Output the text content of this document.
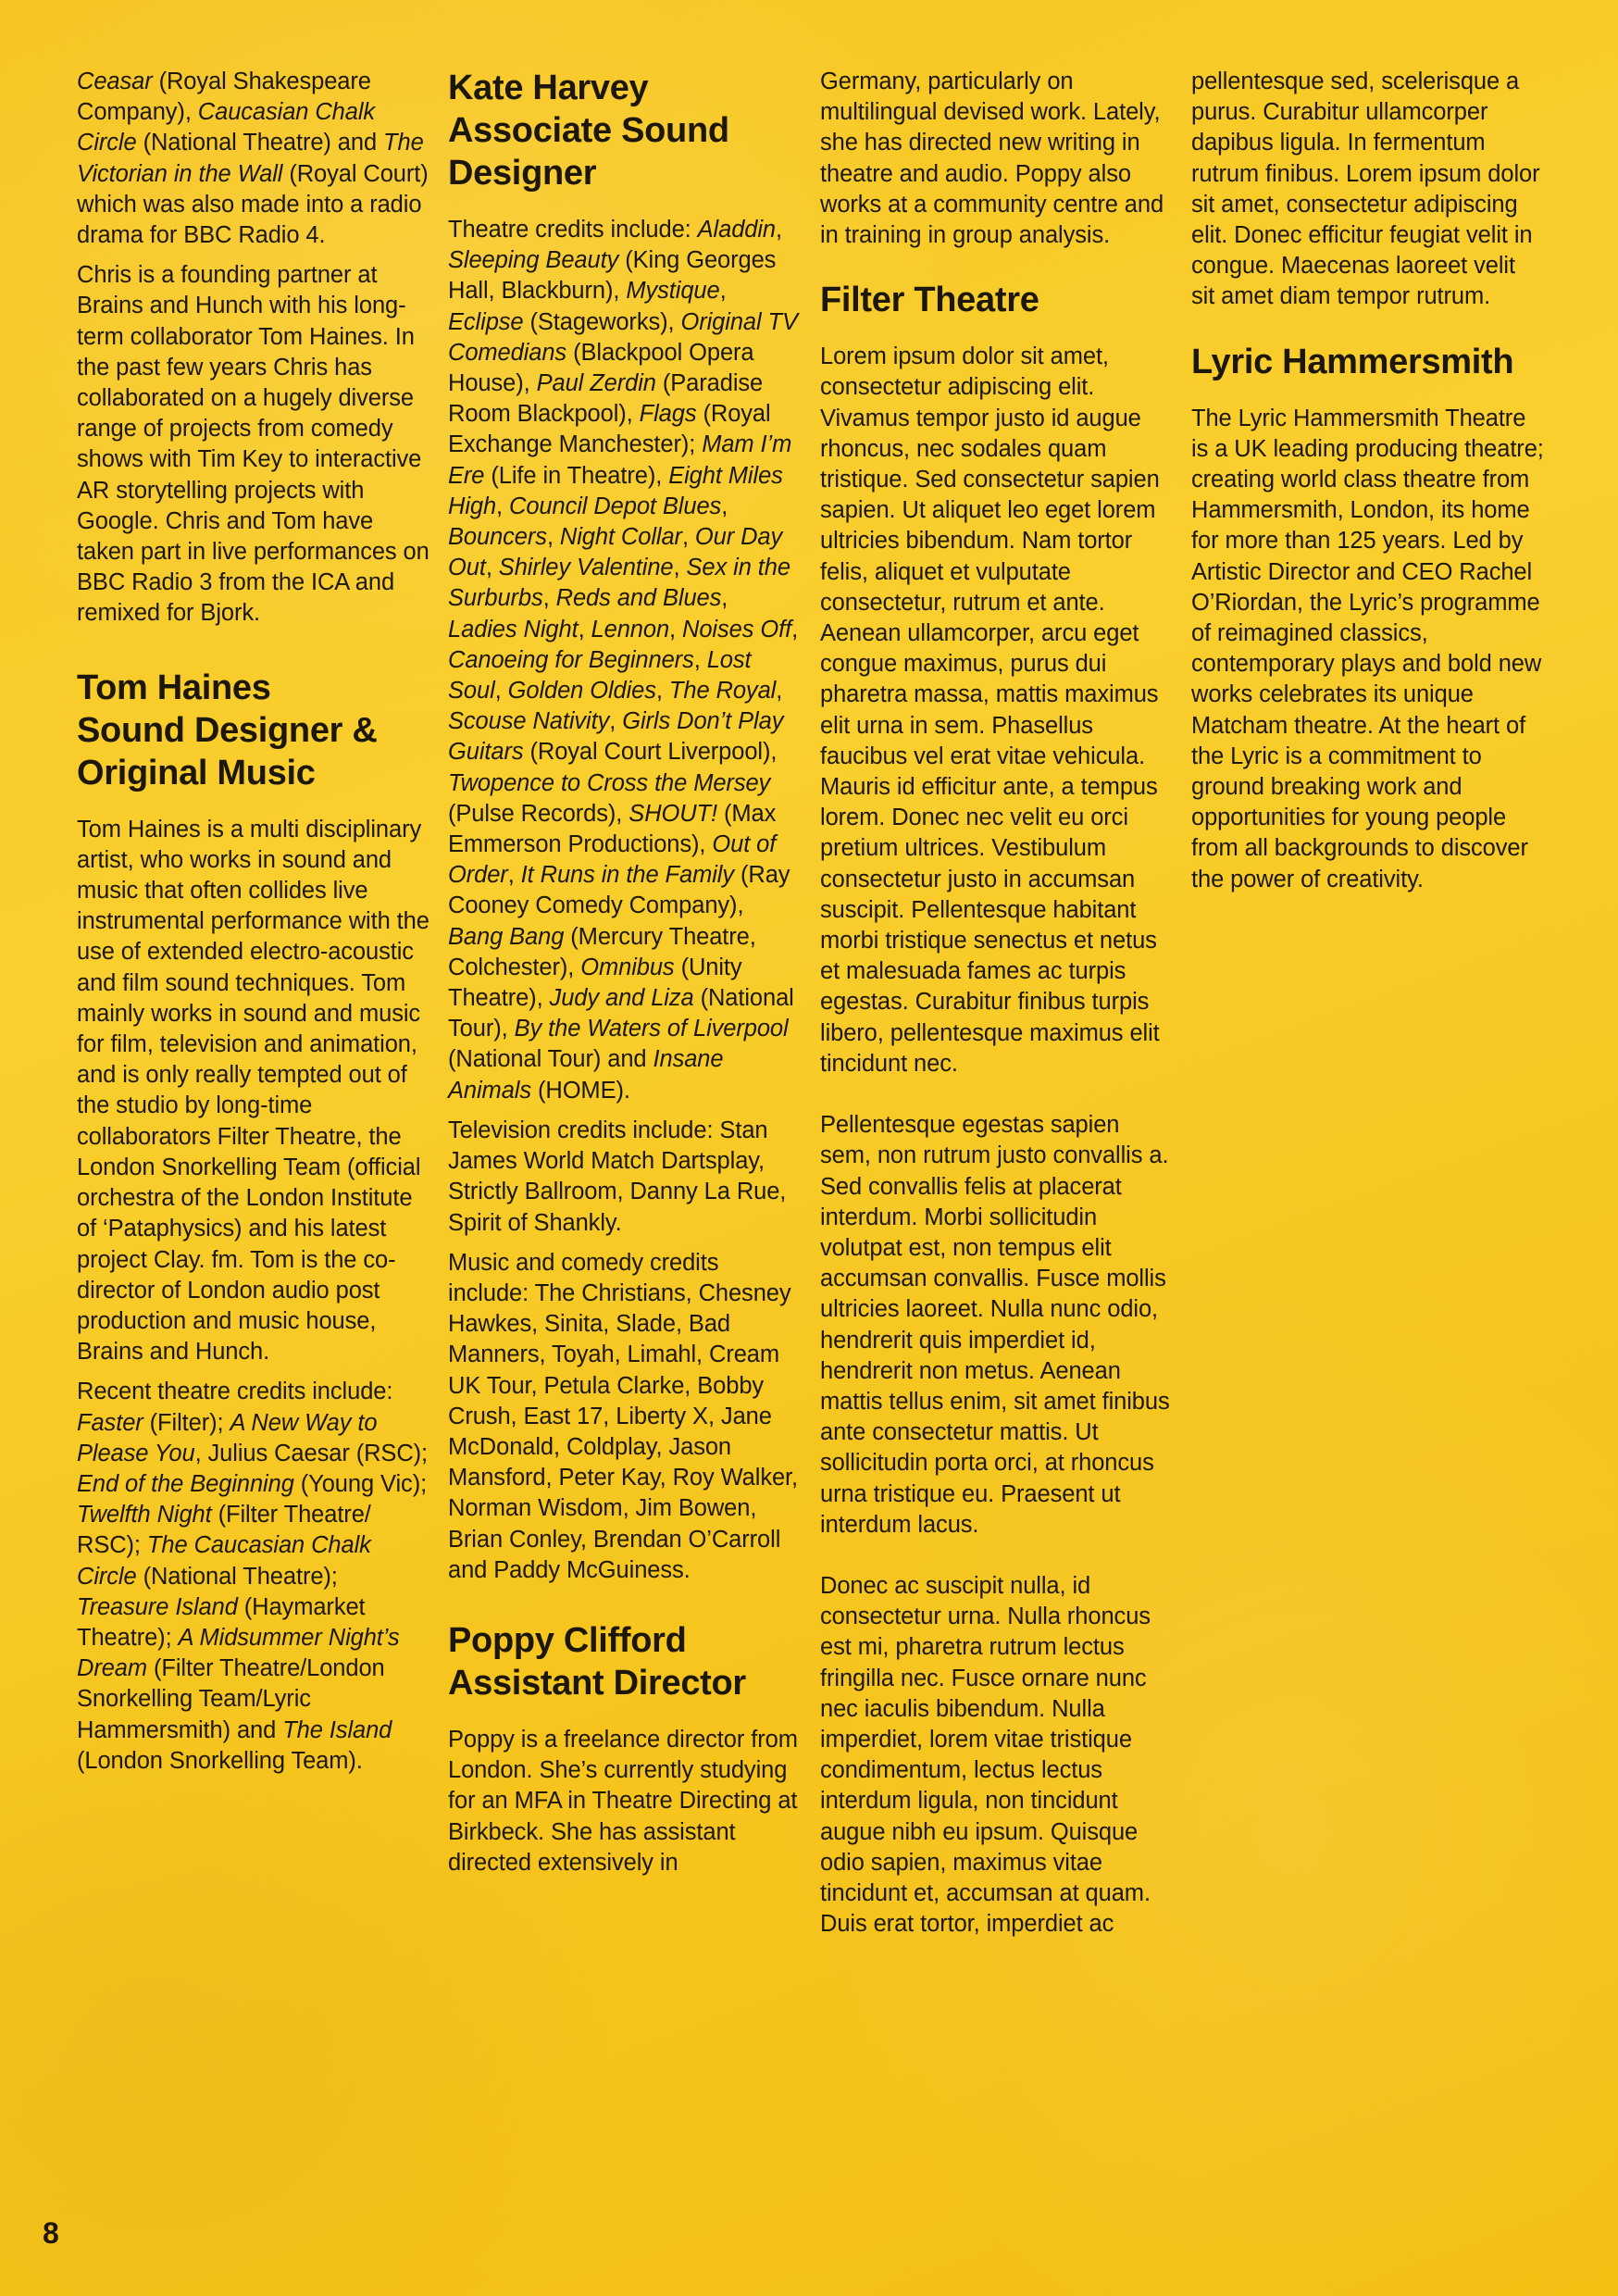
Ceasar (Royal Shakespeare Company), Caucasian Chalk Circle (National Theatre) and The Victorian in the Wall (Royal Court) which was also made into a radio drama for BBC Radio 4.

Chris is a founding partner at Brains and Hunch with his long-term collaborator Tom Haines. In the past few years Chris has collaborated on a hugely diverse range of projects from comedy shows with Tim Key to interactive AR storytelling projects with Google. Chris and Tom have taken part in live performances on BBC Radio 3 from the ICA and remixed for Bjork.

Tom Haines
Sound Designer & Original Music

Tom Haines is a multi disciplinary artist, who works in sound and music that often collides live instrumental performance with the use of extended electro-acoustic and film sound techniques. Tom mainly works in sound and music for film, television and animation, and is only really tempted out of the studio by long-time collaborators Filter Theatre, the London Snorkelling Team (official orchestra of the London Institute of ‘Pataphysics) and his latest project Clay. fm. Tom is the co-director of London audio post production and music house, Brains and Hunch.

Recent theatre credits include: Faster (Filter); A New Way to Please You, Julius Caesar (RSC); End of the Beginning (Young Vic); Twelfth Night (Filter Theatre/ RSC); The Caucasian Chalk Circle (National Theatre); Treasure Island (Haymarket Theatre); A Midsummer Night’s Dream (Filter Theatre/London Snorkelling Team/Lyric Hammersmith) and The Island (London Snorkelling Team).

Kate Harvey
Associate Sound Designer

Theatre credits include: Aladdin, Sleeping Beauty (King Georges Hall, Blackburn), Mystique, Eclipse (Stageworks), Original TV Comedians (Blackpool Opera House), Paul Zerdin (Paradise Room Blackpool), Flags (Royal Exchange Manchester); Mam I’m Ere (Life in Theatre), Eight Miles High, Council Depot Blues, Bouncers, Night Collar, Our Day Out, Shirley Valentine, Sex in the Surburbs, Reds and Blues, Ladies Night, Lennon, Noises Off, Canoeing for Beginners, Lost Soul, Golden Oldies, The Royal, Scouse Nativity, Girls Don’t Play Guitars (Royal Court Liverpool), Twopence to Cross the Mersey (Pulse Records), SHOUT! (Max Emmerson Productions), Out of Order, It Runs in the Family (Ray Cooney Comedy Company), Bang Bang (Mercury Theatre, Colchester), Omnibus (Unity Theatre), Judy and Liza (National Tour), By the Waters of Liverpool (National Tour) and Insane Animals (HOME).

Television credits include: Stan James World Match Dartsplay, Strictly Ballroom, Danny La Rue, Spirit of Shankly.

Music and comedy credits include: The Christians, Chesney Hawkes, Sinita, Slade, Bad Manners, Toyah, Limahl, Cream UK Tour, Petula Clarke, Bobby Crush, East 17, Liberty X, Jane McDonald, Coldplay, Jason Mansford, Peter Kay, Roy Walker, Norman Wisdom, Jim Bowen, Brian Conley, Brendan O’Carroll and Paddy McGuiness.

Poppy Clifford
Assistant Director

Poppy is a freelance director from London. She’s currently studying for an MFA in Theatre Directing at Birkbeck. She has assistant directed extensively in

Germany, particularly on multilingual devised work. Lately, she has directed new writing in theatre and audio. Poppy also works at a community centre and in training in group analysis.

Filter Theatre

Lorem ipsum dolor sit amet, consectetur adipiscing elit. Vivamus tempor justo id augue rhoncus, nec sodales quam tristique. Sed consectetur sapien sapien. Ut aliquet leo eget lorem ultricies bibendum. Nam tortor felis, aliquet et vulputate consectetur, rutrum et ante. Aenean ullamcorper, arcu eget congue maximus, purus dui pharetra massa, mattis maximus elit urna in sem. Phasellus faucibus vel erat vitae vehicula. Mauris id efficitur ante, a tempus lorem. Donec nec velit eu orci pretium ultrices. Vestibulum consectetur justo in accumsan suscipit. Pellentesque habitant morbi tristique senectus et netus et malesuada fames ac turpis egestas. Curabitur finibus turpis libero, pellentesque maximus elit tincidunt nec.

Pellentesque egestas sapien sem, non rutrum justo convallis a. Sed convallis felis at placerat interdum. Morbi sollicitudin volutpat est, non tempus elit accumsan convallis. Fusce mollis ultricies laoreet. Nulla nunc odio, hendrerit quis imperdiet id, hendrerit non metus. Aenean mattis tellus enim, sit amet finibus ante consectetur mattis. Ut sollicitudin porta orci, at rhoncus urna tristique eu. Praesent ut interdum lacus.

Donec ac suscipit nulla, id consectetur urna. Nulla rhoncus est mi, pharetra rutrum lectus fringilla nec. Fusce ornare nunc nec iaculis bibendum. Nulla imperdiet, lorem vitae tristique condimentum, lectus lectus interdum ligula, non tincidunt augue nibh eu ipsum. Quisque odio sapien, maximus vitae tincidunt et, accumsan at quam. Duis erat tortor, imperdiet ac

pellentesque sed, scelerisque a purus. Curabitur ullamcorper dapibus ligula. In fermentum rutrum finibus. Lorem ipsum dolor sit amet, consectetur adipiscing elit. Donec efficitur feugiat velit in congue. Maecenas laoreet velit sit amet diam tempor rutrum.

Lyric Hammersmith

The Lyric Hammersmith Theatre is a UK leading producing theatre; creating world class theatre from Hammersmith, London, its home for more than 125 years. Led by Artistic Director and CEO Rachel O’Riordan, the Lyric’s programme of reimagined classics, contemporary plays and bold new works celebrates its unique Matcham theatre. At the heart of the Lyric is a commitment to ground breaking work and opportunities for young people from all backgrounds to discover the power of creativity.

8
